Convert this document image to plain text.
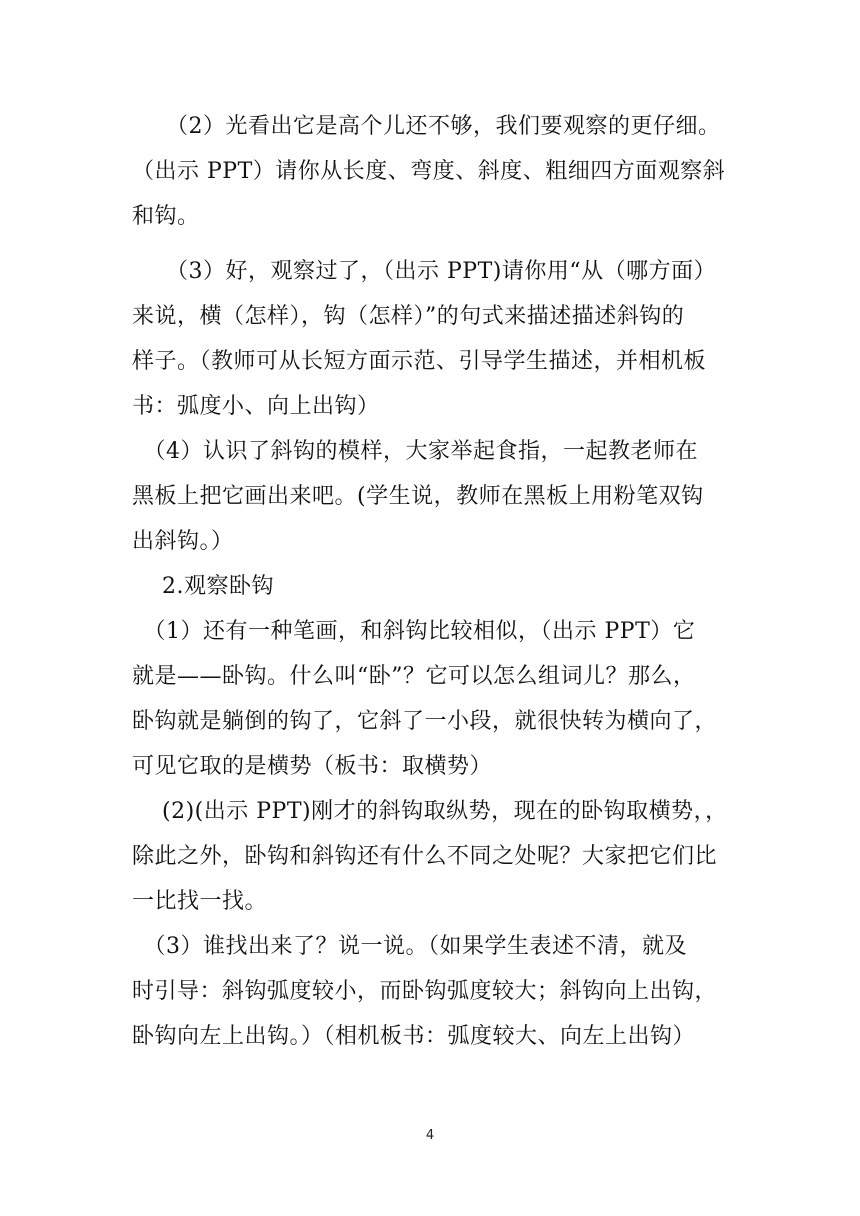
　　（2）光看出它是高个儿还不够，我们要观察的更仔细。

（出示 PPT）请你从长度、弯度、斜度、粗细四方面观察斜

和钩。

　　（3）好，观察过了，（出示 PPT)请你用“从（哪方面）

来说，横（怎样），钩（怎样）”的句式来描述描述斜钩的

样子。（教师可从长短方面示范、引导学生描述，并相机板

书：弧度小、向上出钩）

　（4）认识了斜钩的模样，大家举起食指，一起教老师在

黑板上把它画出来吧。(学生说，教师在黑板上用粉笔双钩

出斜钩。）

　 2.观察卧钩

　（1）还有一种笔画，和斜钩比较相似，（出示 PPT）它

就是——卧钩。什么叫“卧”？它可以怎么组词儿？那么，

卧钩就是躺倒的钩了，它斜了一小段，就很快转为横向了，

可见它取的是横势（板书：取横势）

　 (2)(出示 PPT)刚才的斜钩取纵势，现在的卧钩取横势，，

除此之外，卧钩和斜钩还有什么不同之处呢？大家把它们比

一比找一找。

　（3）谁找出来了？说一说。（如果学生表述不清，就及

时引导：斜钩弧度较小，而卧钩弧度较大；斜钩向上出钩，

卧钩向左上出钩。）（相机板书：弧度较大、向左上出钩）

4
